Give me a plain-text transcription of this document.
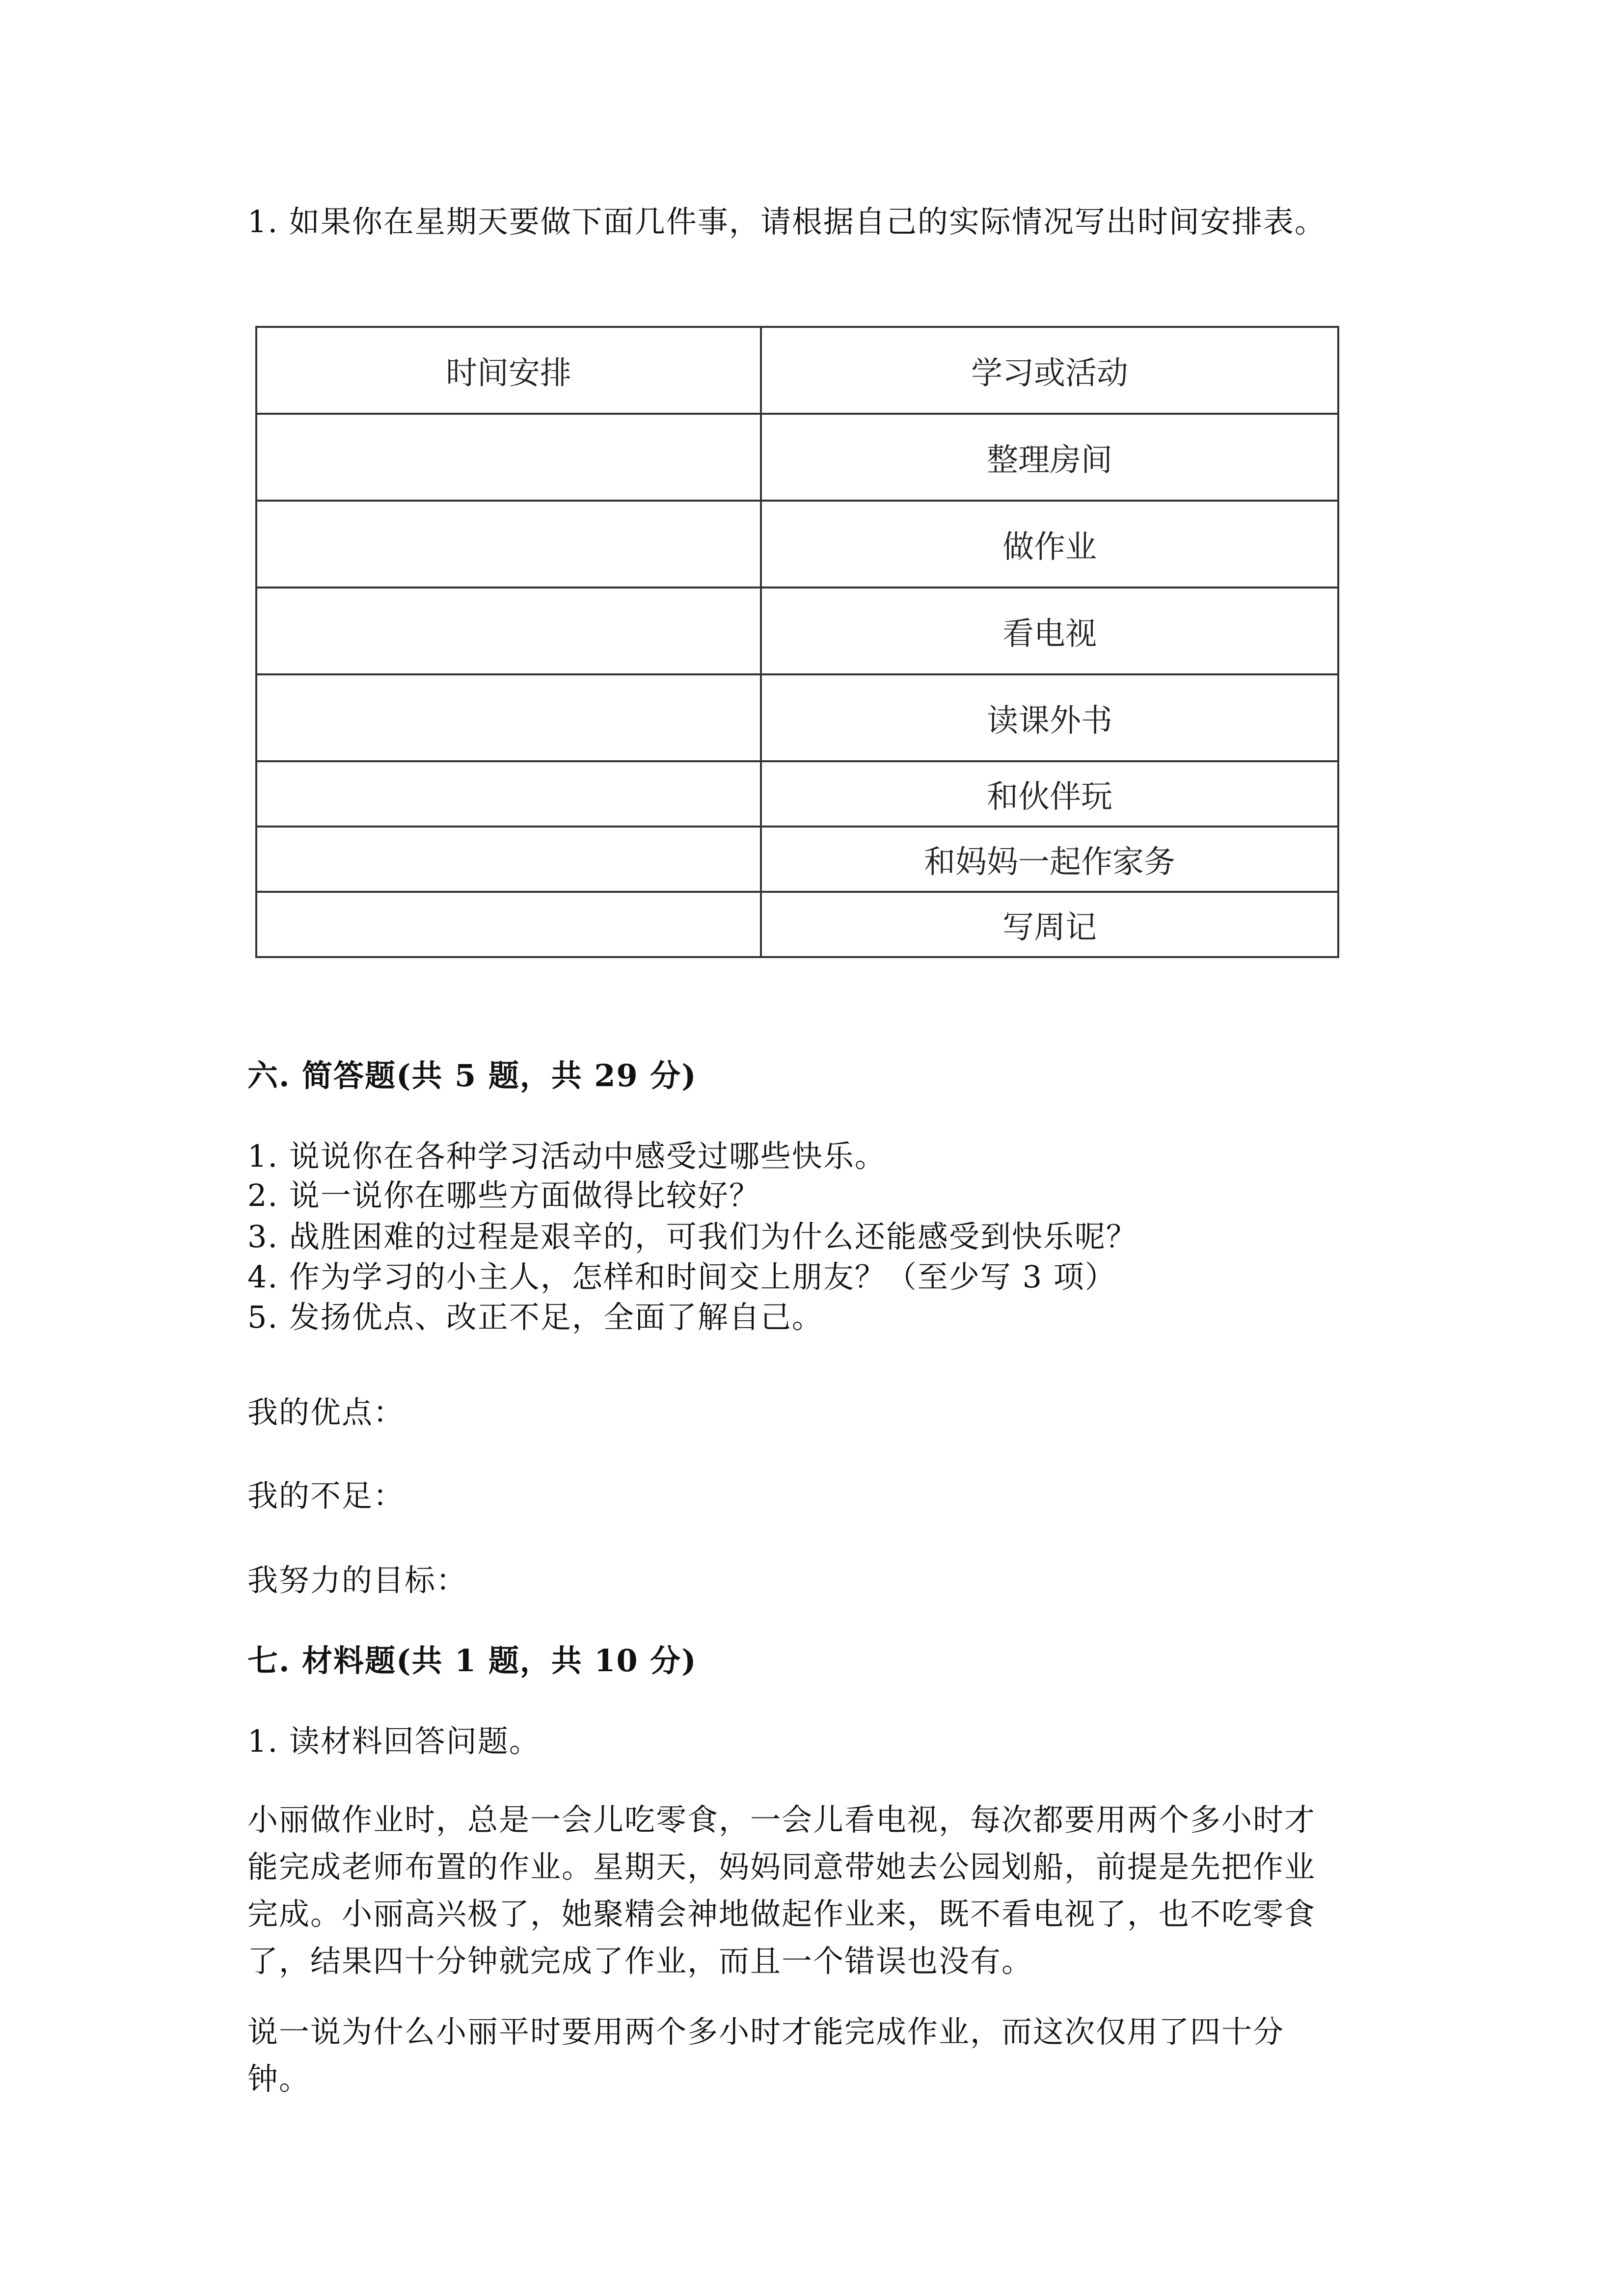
1. 如果你在星期天要做下面几件事，请根据自己的实际情况写出时间安排表。
时间安排	学习或活动
	整理房间
	做作业
	看电视
	读课外书
	和伙伴玩
	和妈妈一起作家务
	写周记
六. 简答题(共 5 题，共 29 分)
1. 说说你在各种学习活动中感受过哪些快乐。
2. 说一说你在哪些方面做得比较好？
3. 战胜困难的过程是艰辛的，可我们为什么还能感受到快乐呢？
4. 作为学习的小主人，怎样和时间交上朋友？（至少写 3 项）
5. 发扬优点、改正不足，全面了解自己。
我的优点：
我的不足：
我努力的目标：
七. 材料题(共 1 题，共 10 分)
1. 读材料回答问题。
小丽做作业时，总是一会儿吃零食，一会儿看电视，每次都要用两个多小时才
能完成老师布置的作业。星期天，妈妈同意带她去公园划船，前提是先把作业
完成。小丽高兴极了，她聚精会神地做起作业来，既不看电视了，也不吃零食
了，结果四十分钟就完成了作业，而且一个错误也没有。
说一说为什么小丽平时要用两个多小时才能完成作业，而这次仅用了四十分
钟。
